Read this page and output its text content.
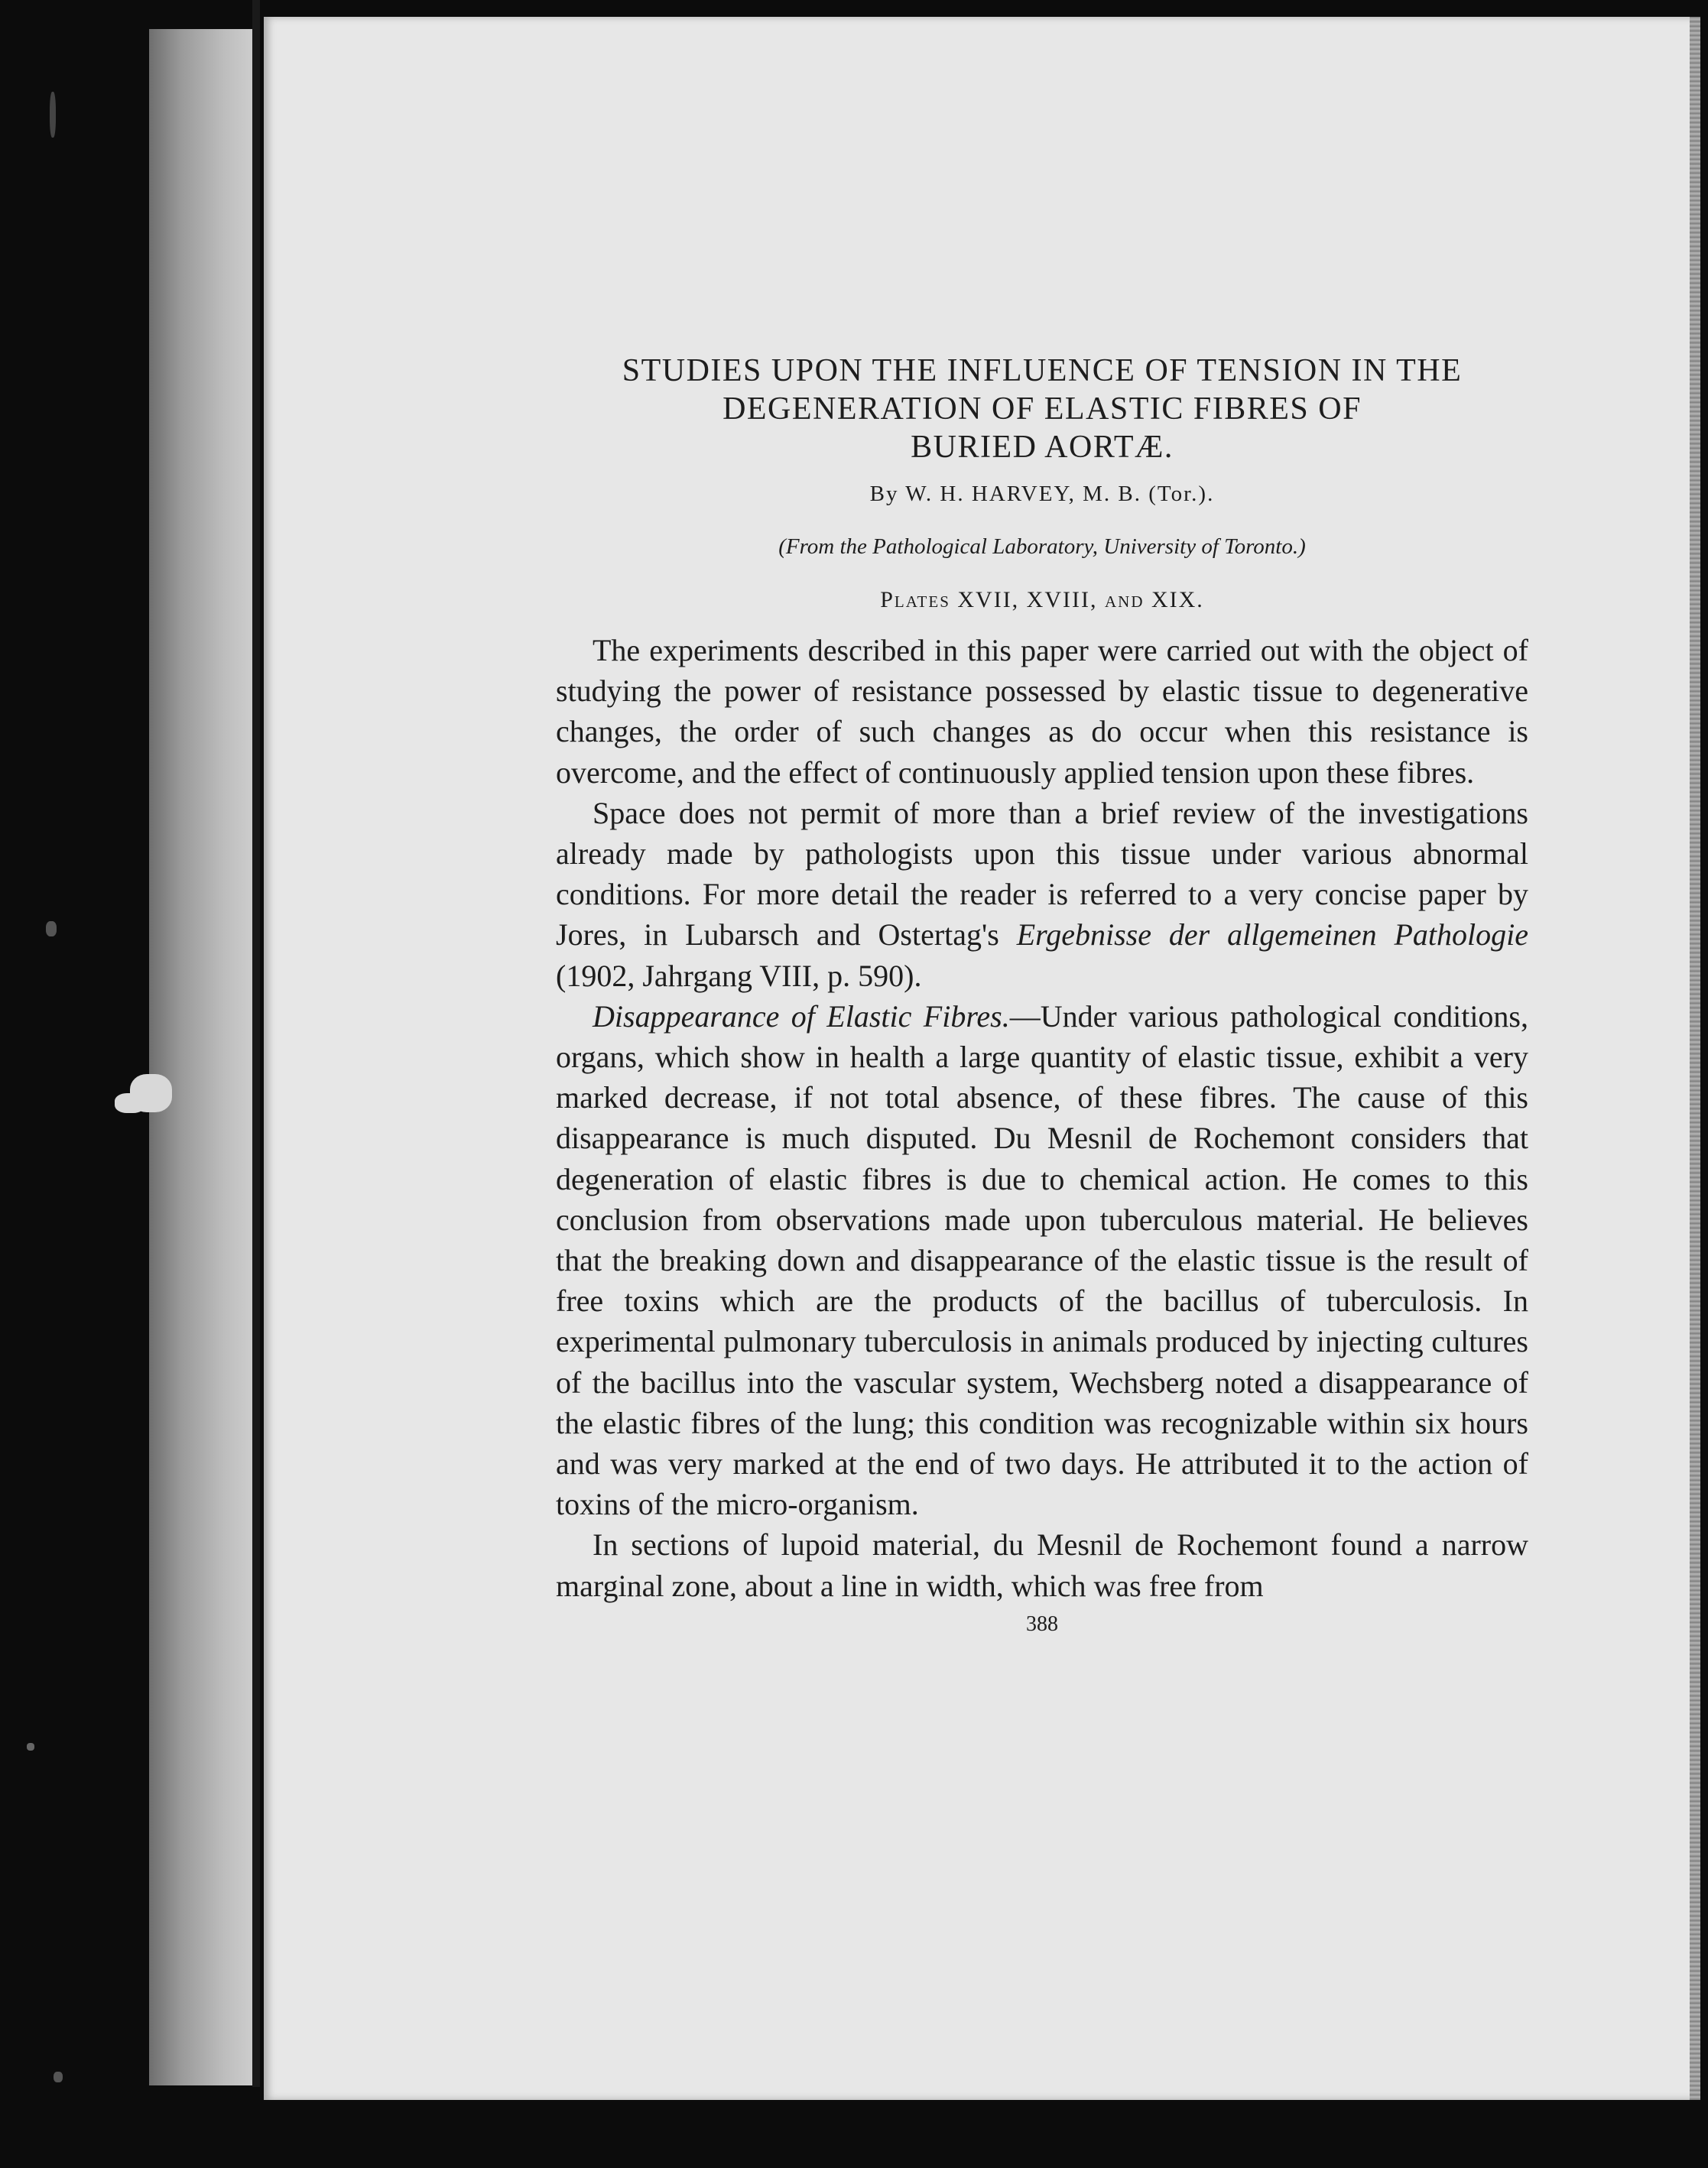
STUDIES UPON THE INFLUENCE OF TENSION IN THE
DEGENERATION OF ELASTIC FIBRES OF
BURIED AORTÆ.
By W. H. HARVEY, M. B. (Tor.).
(From the Pathological Laboratory, University of Toronto.)
Plates XVII, XVIII, and XIX.

The experiments described in this paper were carried out with the object of studying the power of resistance possessed by elastic tissue to degenerative changes, the order of such changes as do occur when this resistance is overcome, and the effect of continuously applied tension upon these fibres.

Space does not permit of more than a brief review of the investigations already made by pathologists upon this tissue under various abnormal conditions. For more detail the reader is referred to a very concise paper by Jores, in Lubarsch and Ostertag's Ergebnisse der allgemeinen Pathologie (1902, Jahrgang VIII, p. 590).

Disappearance of Elastic Fibres.—Under various pathological conditions, organs, which show in health a large quantity of elastic tissue, exhibit a very marked decrease, if not total absence, of these fibres. The cause of this disappearance is much disputed. Du Mesnil de Rochemont considers that degeneration of elastic fibres is due to chemical action. He comes to this conclusion from observations made upon tuberculous material. He believes that the breaking down and disappearance of the elastic tissue is the result of free toxins which are the products of the bacillus of tuberculosis. In experimental pulmonary tuberculosis in animals produced by injecting cultures of the bacillus into the vascular system, Wechsberg noted a disappearance of the elastic fibres of the lung; this condition was recognizable within six hours and was very marked at the end of two days. He attributed it to the action of toxins of the micro-organism.

In sections of lupoid material, du Mesnil de Rochemont found a narrow marginal zone, about a line in width, which was free from

388
